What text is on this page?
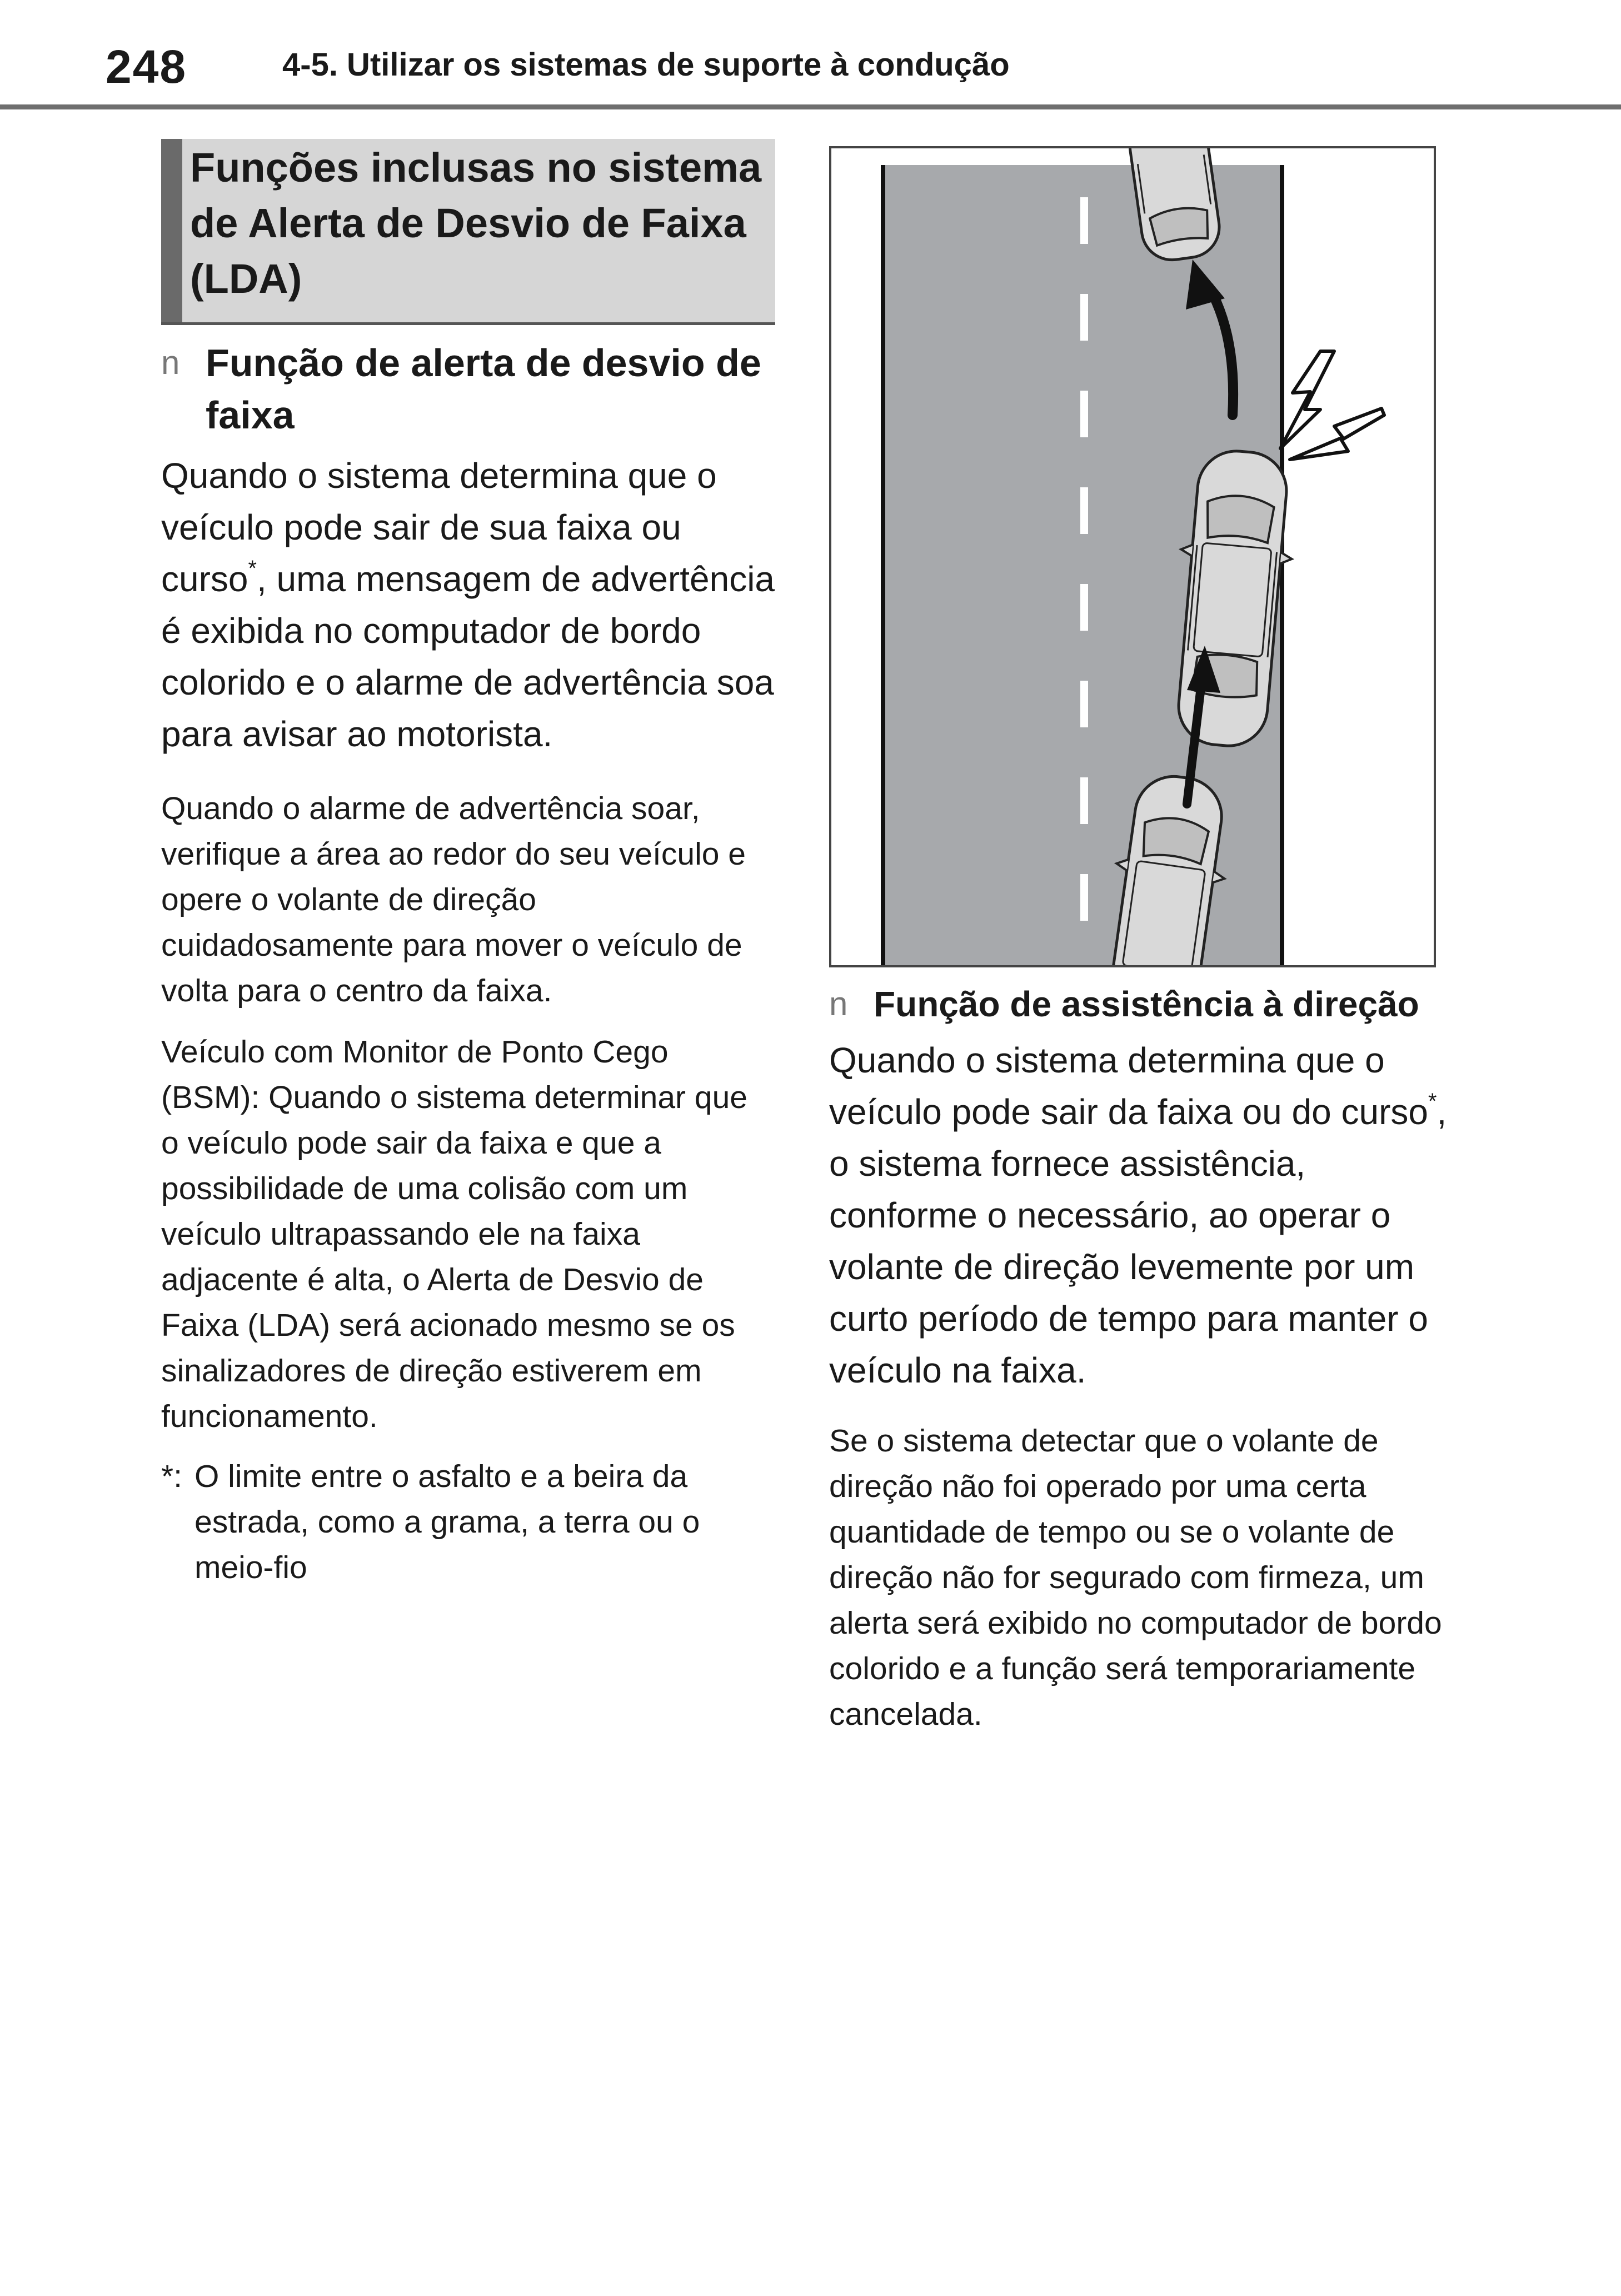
248	4-5. Utilizar os sistemas de suporte à condução
Funções inclusas no sistema de Alerta de Desvio de Faixa (LDA)
n Função de alerta de desvio de faixa
Quando o sistema determina que o veículo pode sair de sua faixa ou curso*, uma mensagem de advertência é exibida no computador de bordo colorido e o alarme de advertência soa para avisar ao motorista.
Quando o alarme de advertência soar, verifique a área ao redor do seu veículo e opere o volante de direção cuidadosamente para mover o veículo de volta para o centro da faixa.
Veículo com Monitor de Ponto Cego (BSM): Quando o sistema determinar que o veículo pode sair da faixa e que a possibilidade de uma colisão com um veículo ultrapassando ele na faixa adjacente é alta, o Alerta de Desvio de Faixa (LDA) será acionado mesmo se os sinalizadores de direção estiverem em funcionamento.
*: O limite entre o asfalto e a beira da estrada, como a grama, a terra ou o meio-fio
n Função de assistência à direção
Quando o sistema determina que o veículo pode sair da faixa ou do curso*, o sistema fornece assistência, conforme o necessário, ao operar o volante de direção levemente por um curto período de tempo para manter o veículo na faixa.
Se o sistema detectar que o volante de direção não foi operado por uma certa quantidade de tempo ou se o volante de direção não for segurado com firmeza, um alerta será exibido no computador de bordo colorido e a função será temporariamente cancelada.
